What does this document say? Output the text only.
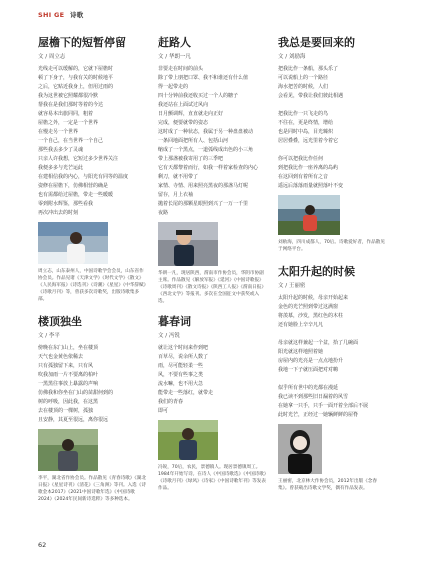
SHI GE 诗歌
屋檐下的短暂停留
文 / 周立志
光线走可以缓解的，它就下屋檐时
顿了下身子，与我有关的时候地平
之后，它贴近我身上，但用过雨的
我为这世被它照耀都很冷默
帮我在是我们那时等着的今达
就容易本出旅同同，粗着
屋檐之外，一定是一个世界
在慢走另一个世界
一个自己，在当世界一个自己
那些我丢多少了灵魂
只亲人许我想，它短过多少世界关注
我便多多与光芒运此
在建相信我的内心，与阳光有同等的温度
姿修在屋檐下，仿佛相营的确是
也有需都给过屋檐，带走一些暖暖
零到附水辉鉴，那些看我
再次冲出去的时刻
周立志，山东泰州人，中国诗歌学会会员，山东省作协会员。作品见诸《天津文学》《时代文学》《散文》《人民海军报》《诗选刊》《诗潮》《星星》《中华辞赋》《诗歌月刊》等，曾获多次诗歌奖，出版诗歌集多部。
楼顶独坐
文 / 李平
傍晚在东门山上，坐在楼顶
天气也金黄色依稀去
只有孤独留下来，只有风
吹我加雨一片不要离的柏叶
一黑黑往事放上暴露的声响
仿佛我和你坐在门山的苗甜何到的
树的呼吸，因此我，在这黑
去在楼顶的一棵树，孤独
且安静，其夏至很远，离你很远
李平，湖北省作协会员。作品散见《青春诗歌》《湖北日报》《星星诗刊》《清花》《三角洲》等刊。入选《诗歌金本2017》《2021中国诗歌年选》《中国诗歌2024》《2024年民间新诗选粹》等多种选本。
赶路人
文 / 华朗一凡
非要走在时间的前头
除了带上朋把口罩、我不和谁还有什么值
得一起带走的
四十分钟前我还收买过一个人的糖子
我还站在上面试过风向
日月颤调辉，直直就走向正好
完成，便要就带的姿态
这时成了一种状态，我属于另一种盘盘被动
一条回地面把所有人、包括山河
缩成了一个黑点，一道弧线成出色的小三角
带上那盏被我寄用了的三季吧
它有天都黎着而行，如我一样着家检查的内心
剩刀，就不用带了
家情、寺情、用来照亮黑夜的那盏马灯呢
留存，月上衣袖
抛着长尾的那颗星眼照到兴了一万一千里
夜路
华朗一凡，现居陕西，渭南市作协会员，华阴市协副主席。作品散见《解放军报》《延河》《中国诗歌报》《诗歌周刊》《散文诗报》《陕西工人报》《渭南日报》《西北文学》等报刊。多次在全国征文中获奖或入选。
暮春词
文 / 冯锐
就让这个时间来作到吧
百草尽，说余所人数了
雨，尽可能轻柔一些
风，不要有些事之类
流水嘛，也不用大急
能带走一些落红，就带走
我们的青春
即可
冯锐，70后，农民，景德镇人。现居景德镇周工。1984年开始写诗。在诗人《中国诗歌选》《中国诗歌》《诗歌月刊》《绿风》《诗家》《中国诗歌年刊》等发表作品。
我总是要回来的
文 / 刘励海
把我比作一条船，那头乐了
可以说船上的一个路径
海水把苦的时候，人们
会看见，带我让我们彼此相遇

把我比作一只飞走的鸟
不往在，更是终情，增给
也是同时中岛，目光臻炽
居居叠叠，远光里着今着它

你可以把我比作任何
到把我比作一座养离的岛屿
在这回到有着所有之音
遥远后落落雨量就照落叶不变
刘励海，四川成都人，70后。诗歌爱好者，作品散见于网络平台。
太阳升起的时候
文 / 王丽密
太阳升起的时候，母亲开始起来
金色的光芒照到带过这满窗
将羡慕，沙发，黑红色的木柱
还有她脸上辛辛凡凡

母亲就这样兼起一个盆，拾了几碗面
阳光就这样地照着她
房屋内的光亮是一点点地扮升
我地一下子就压面把对对嗨

似乎所有世中的光都在漫延
我已读不到那些旧日漏着的风雪
在她拿一只手，只手一面开着全部后不展
此时光芒，正经过一她辆鲜鲜的屋脊
王丽密，北京林大作协会员，2012年出版《念春集》。曾获载出诗歌文学奖，偶有作品发表。
62
